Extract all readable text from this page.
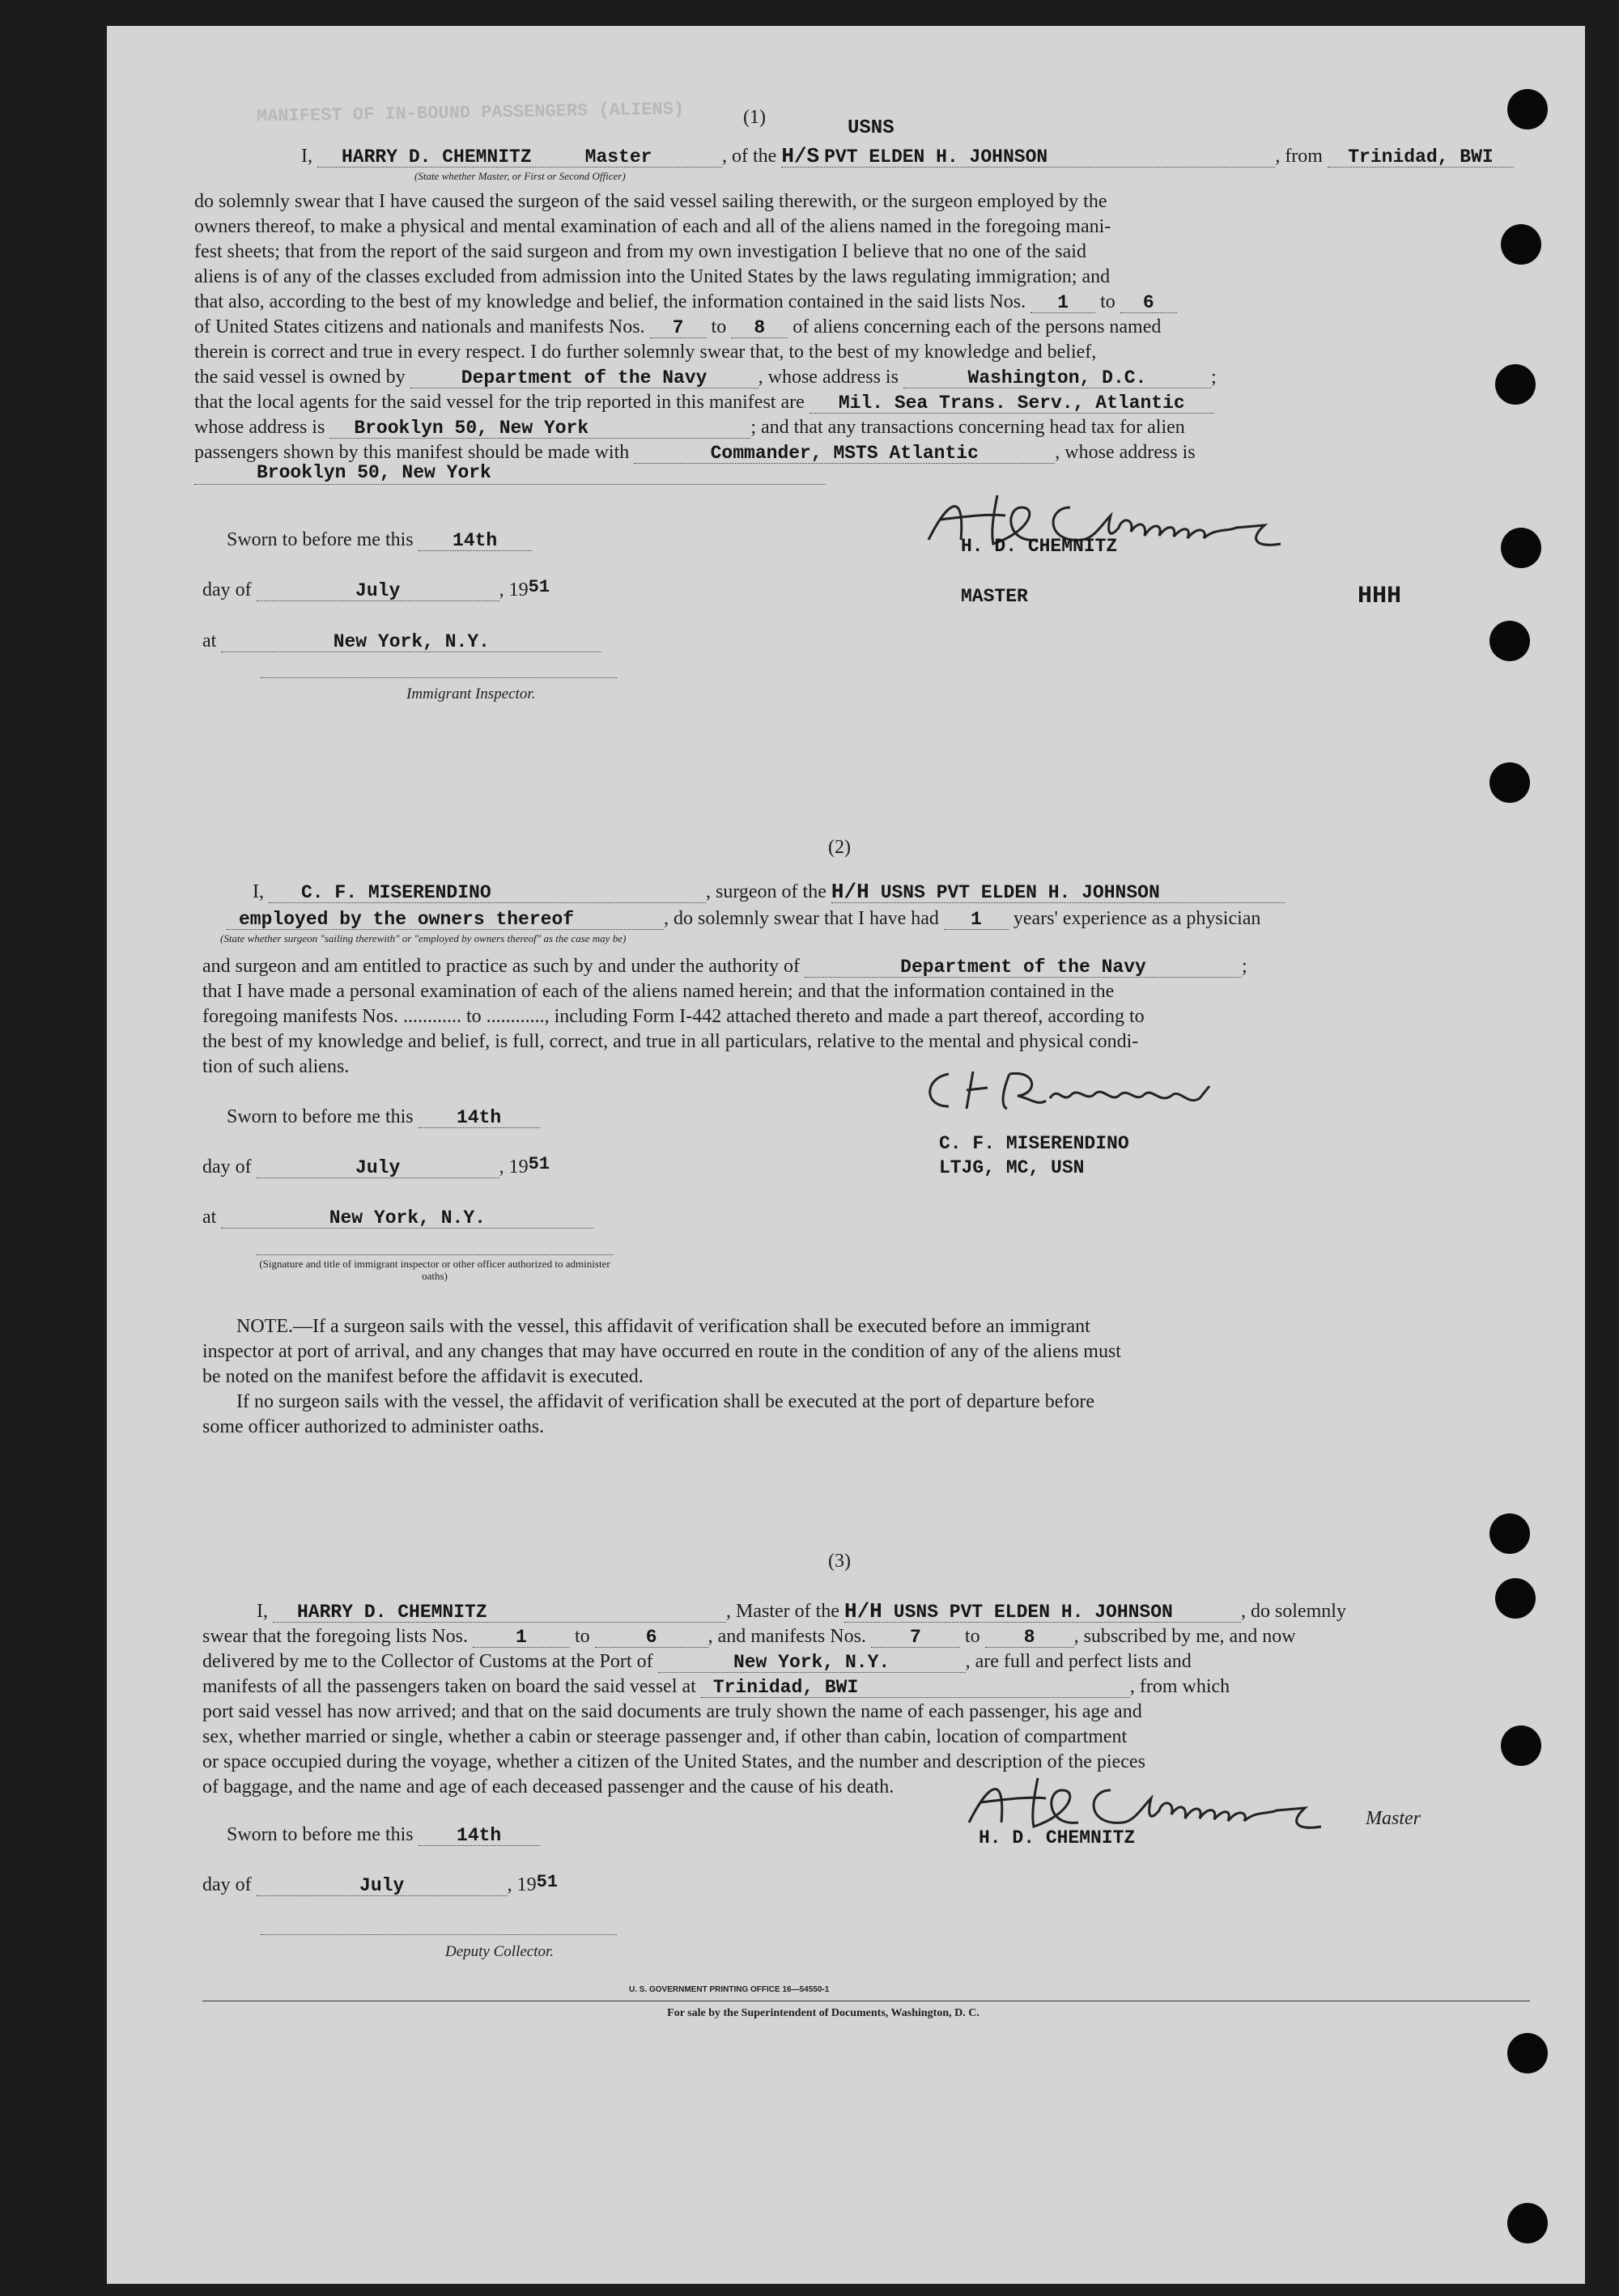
MANIFEST OF IN-BOUND PASSENGERS (ALIENS)	(1)	USNS
I, HARRY D. CHEMNITZ	Master	, of the H/S PVT ELDEN H. JOHNSON	, from Trinidad, BWI
(State whether Master, or First or Second Officer)
do solemnly swear that I have caused the surgeon of the said vessel sailing therewith, or the surgeon employed by the
owners thereof, to make a physical and mental examination of each and all of the aliens named in the foregoing mani-
fest sheets; that from the report of the said surgeon and from my own investigation I believe that no one of the said
aliens is of any of the classes excluded from admission into the United States by the laws regulating immigration; and
that also, according to the best of my knowledge and belief, the information contained in the said lists Nos. 1 to 6
of United States citizens and nationals and manifests Nos. 7 to 8 of aliens concerning each of the persons named
therein is correct and true in every respect. I do further solemnly swear that, to the best of my knowledge and belief,
the said vessel is owned by	Department of the Navy	, whose address is	Washington, D.C.	;
that the local agents for the said vessel for the trip reported in this manifest are Mil. Sea Trans. Serv., Atlantic
whose address is Brooklyn 50, New York	; and that any transactions concerning head tax for alien
passengers shown by this manifest should be made with	Commander, MSTS Atlantic	, whose address is
Brooklyn 50, New York
Sworn to before me this 14th
day of	July	, 1951
at	New York, N.Y.
Immigrant Inspector.
H. D. CHEMNITZ
MASTER	HHH
(2)
I, C. F. MISERENDINO	, surgeon of the H/H USNS PVT ELDEN H. JOHNSON
employed by the owners thereof	, do solemnly swear that I have had 1 years' experience as a physician
(State whether surgeon "sailing therewith" or "employed by owners thereof" as the case may be)
and surgeon and am entitled to practice as such by and under the authority of	Department of the Navy	;
that I have made a personal examination of each of the aliens named herein; and that the information contained in the
foregoing manifests Nos. ............ to ............, including Form I-442 attached thereto and made a part thereof, according to
the best of my knowledge and belief, is full, correct, and true in all particulars, relative to the mental and physical condi-
tion of such aliens.
Sworn to before me this 14th
day of	July	, 1951
at	New York, N.Y.
(Signature and title of immigrant inspector or other officer authorized to administer oaths)
C. F. MISERENDINO
LTJG, MC, USN
NOTE.—If a surgeon sails with the vessel, this affidavit of verification shall be executed before an immigrant
inspector at port of arrival, and any changes that may have occurred en route in the condition of any of the aliens must
be noted on the manifest before the affidavit is executed.
If no surgeon sails with the vessel, the affidavit of verification shall be executed at the port of departure before
some officer authorized to administer oaths.
(3)
I, HARRY D. CHEMNITZ	, Master of the H/H USNS PVT ELDEN H. JOHNSON	, do solemnly
swear that the foregoing lists Nos.	1 to	6	, and manifests Nos. 7 to 8 , subscribed by me, and now
delivered by me to the Collector of Customs at the Port of	New York, N.Y.	, are full and perfect lists and
manifests of all the passengers taken on board the said vessel at Trinidad, BWI	, from which
port said vessel has now arrived; and that on the said documents are truly shown the name of each passenger, his age and
sex, whether married or single, whether a cabin or steerage passenger and, if other than cabin, location of compartment
or space occupied during the voyage, whether a citizen of the United States, and the number and description of the pieces
of baggage, and the name and age of each deceased passenger and the cause of his death.
Sworn to before me this 14th
day of	July	, 1951
Deputy Collector.
Master
H. D. CHEMNITZ
U. S. GOVERNMENT PRINTING OFFICE 16—54550-1
For sale by the Superintendent of Documents, Washington, D. C.
